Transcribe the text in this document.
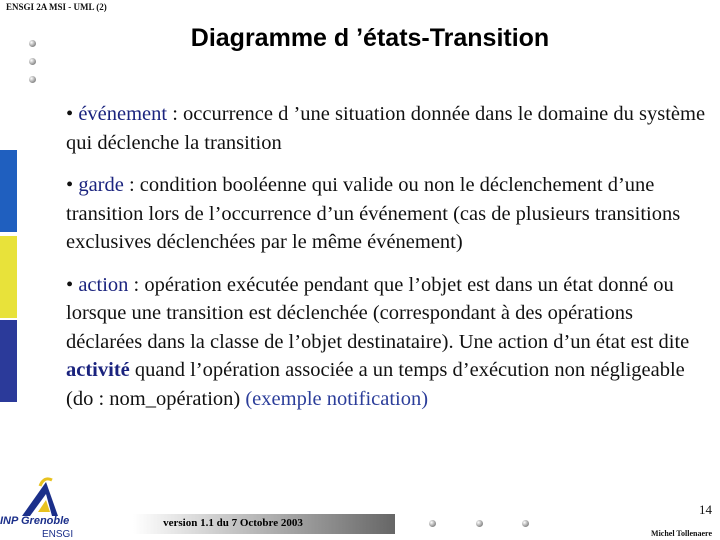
ENSGI 2A MSI - UML (2)
Diagramme d ’états-Transition

• événement : occurrence d ’une situation donnée dans le domaine du système qui déclenche la transition

• garde : condition booléenne qui valide ou non le déclenchement d’une transition lors de l’occurrence d’un événement (cas de plusieurs transitions exclusives déclenchées par le même événement)

• action : opération exécutée pendant que l’objet est dans un état donné ou lorsque une transition est déclenchée (correspondant à des opérations déclarées dans la classe de l’objet destinataire). Une action d’un état est dite activité quand l’opération associée a un temps d’exécution non négligeable (do : nom_opération) (exemple notification)

INP Grenoble
ENSGI
version 1.1 du 7 Octobre 2003
14
Michel Tollenaere
